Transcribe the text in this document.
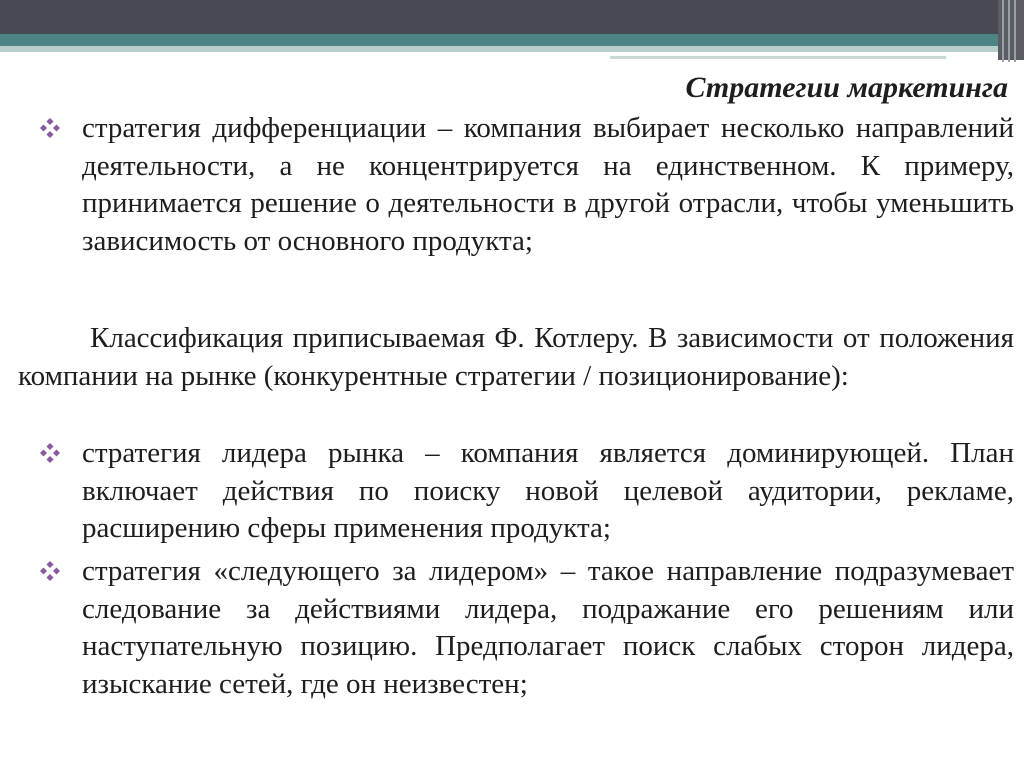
Стратегии маркетинга

стратегия дифференциации – компания выбирает несколько направлений деятельности, а не концентрируется на единственном. К примеру, принимается решение о деятельности в другой отрасли, чтобы уменьшить зависимость от основного продукта;

Классификация приписываемая Ф. Котлеру. В зависимости от положения компании на рынке (конкурентные стратегии / позиционирование):

стратегия лидера рынка – компания является доминирующей. План включает действия по поиску новой целевой аудитории, рекламе, расширению сферы применения продукта;

стратегия «следующего за лидером» – такое направление подразумевает следование за действиями лидера, подражание его решениям или наступательную позицию. Предполагает поиск слабых сторон лидера, изыскание сетей, где он неизвестен;
